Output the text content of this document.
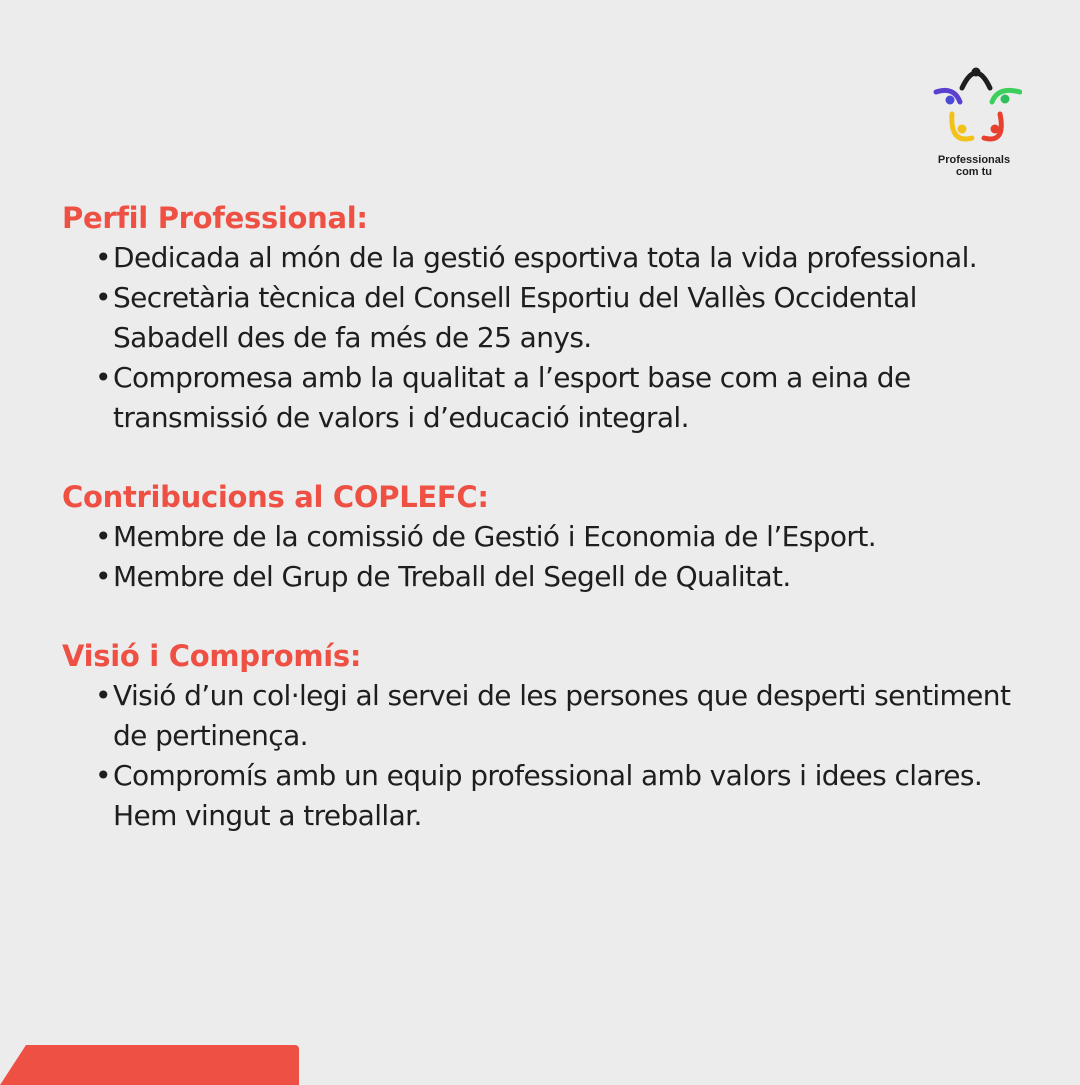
Professionals
com tu
Perfil Professional:
• Dedicada al món de la gestió esportiva tota la vida professional.
• Secretària tècnica del Consell Esportiu del Vallès Occidental Sabadell des de fa més de 25 anys.
• Compromesa amb la qualitat a l’esport base com a eina de transmissió de valors i d’educació integral.
Contribucions al COPLEFC:
• Membre de la comissió de Gestió i Economia de l’Esport.
• Membre del Grup de Treball del Segell de Qualitat.
Visió i Compromís:
• Visió d’un col·legi al servei de les persones que desperti sentiment de pertinença.
• Compromís amb un equip professional amb valors i idees clares. Hem vingut a treballar.
